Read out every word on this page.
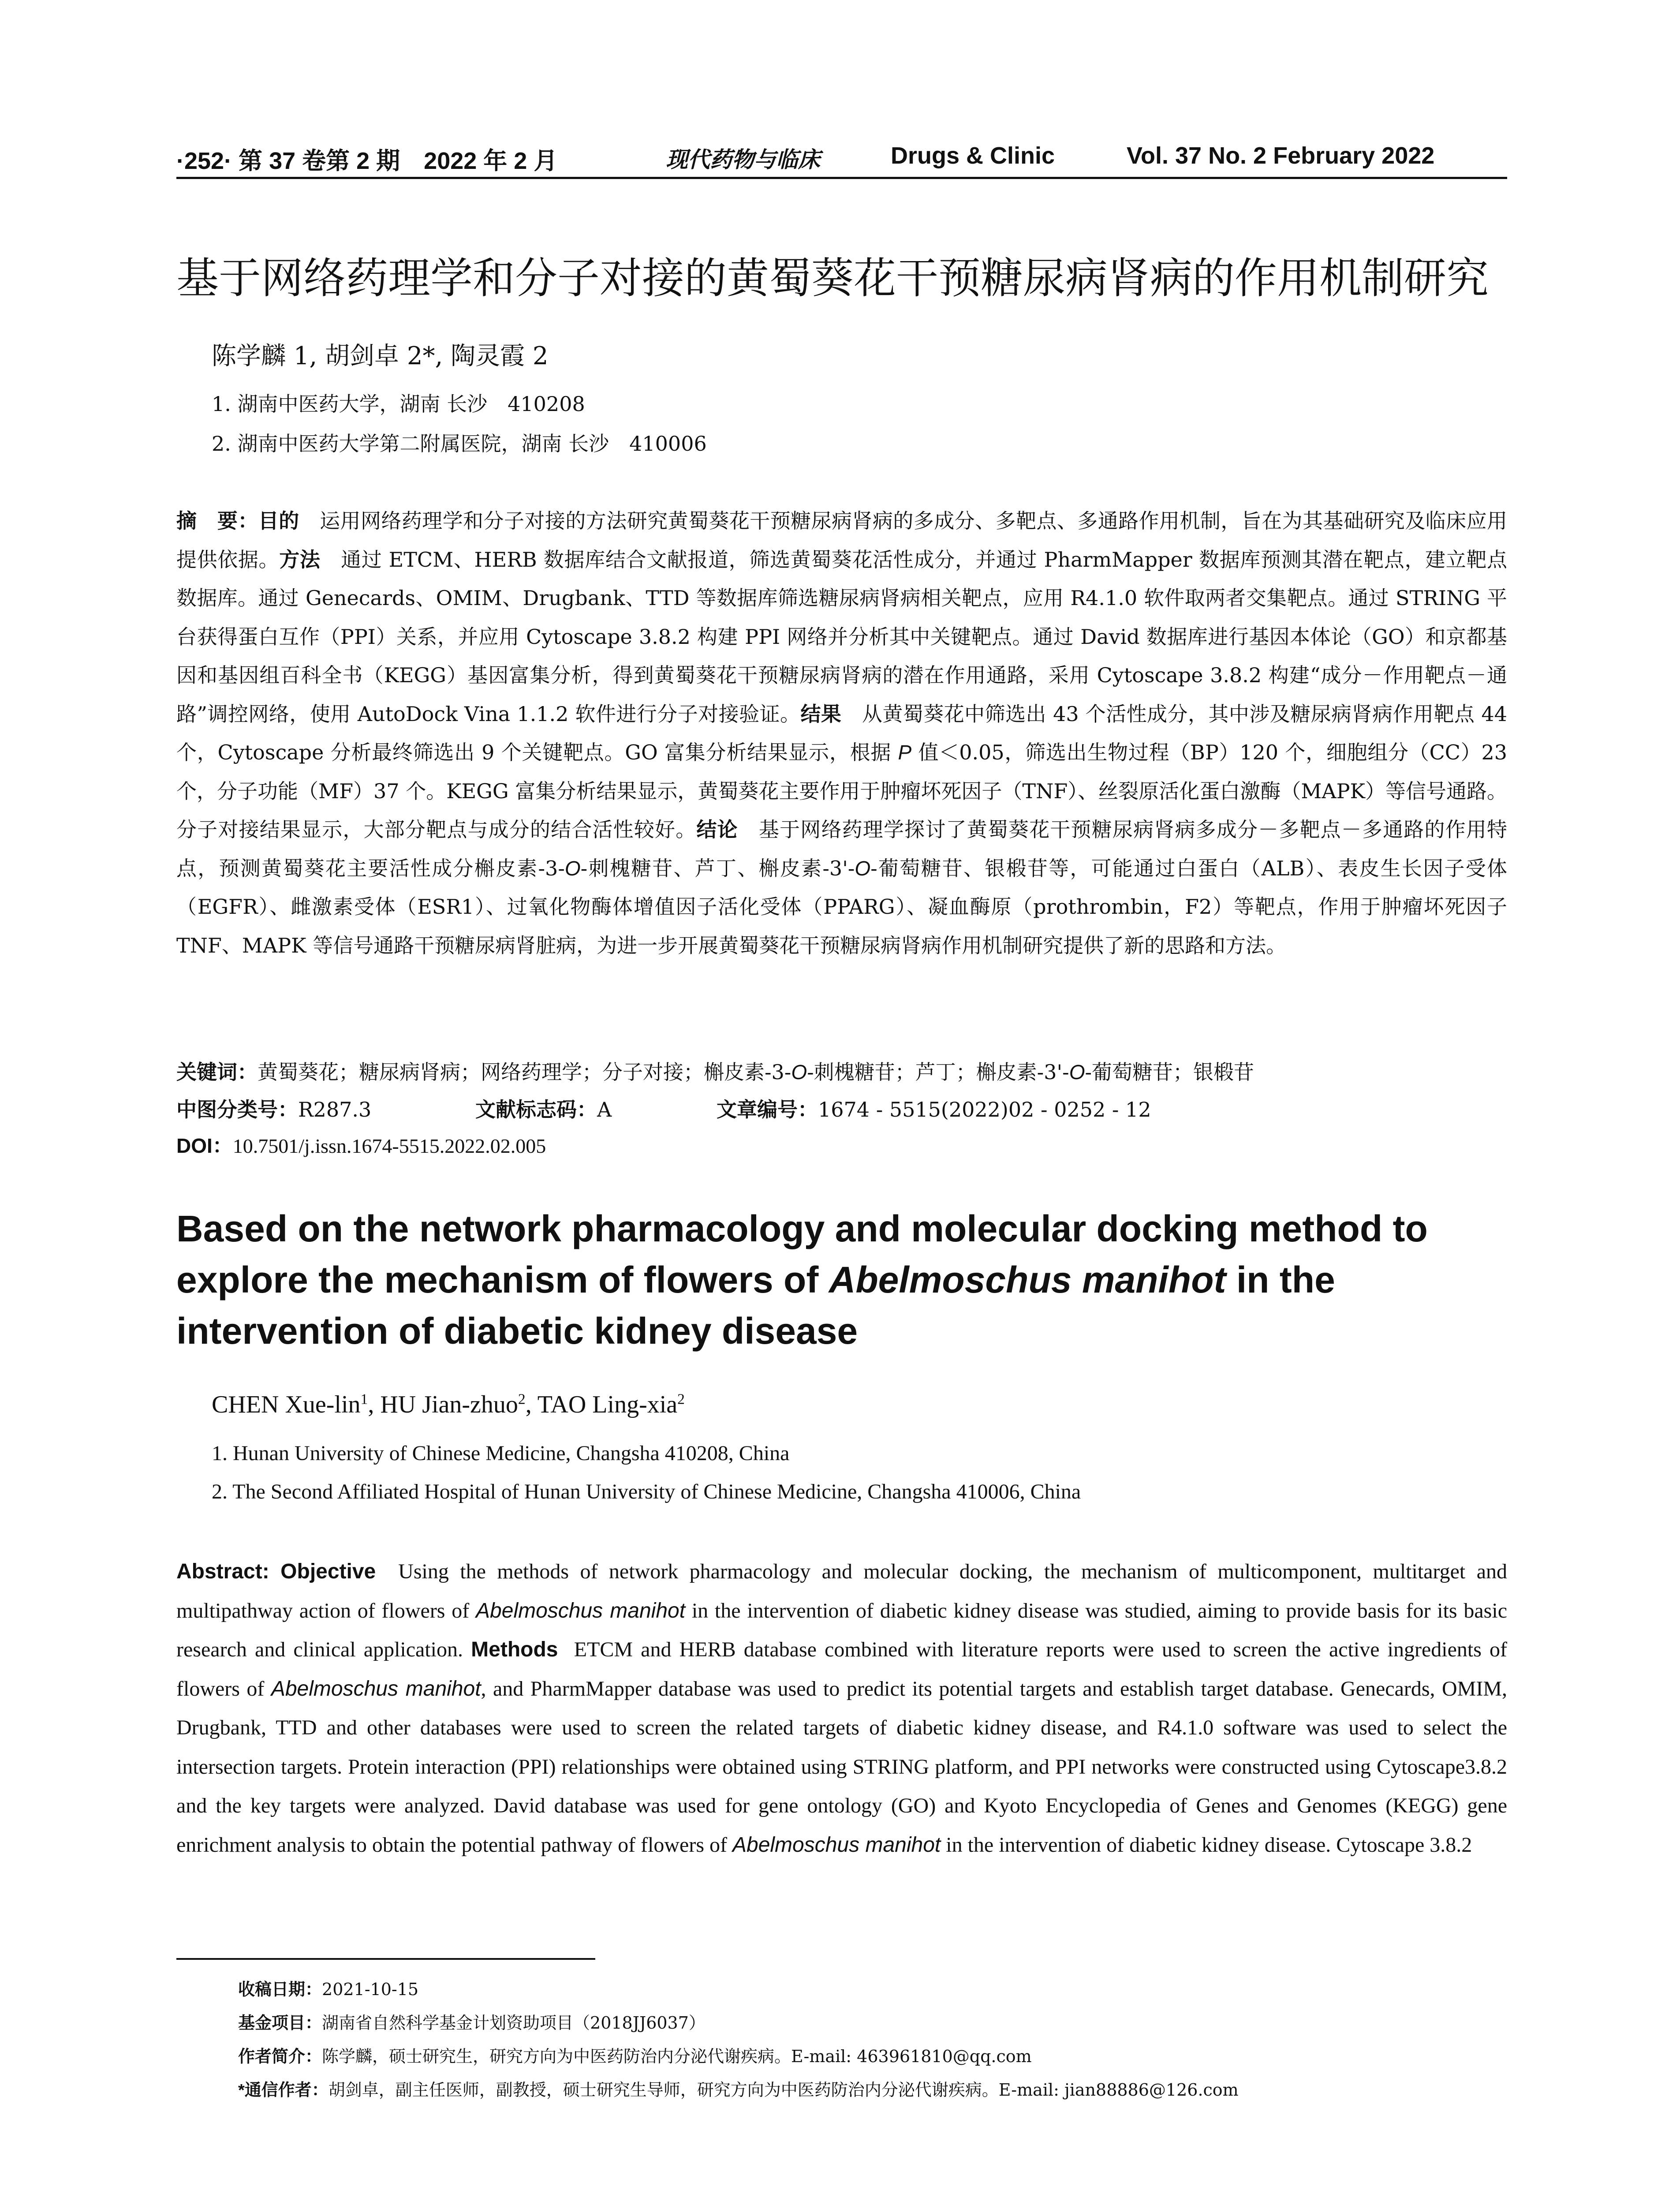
·252· 第 37 卷第 2 期　2022 年 2 月	现代药物与临床	Drugs & Clinic	Vol. 37 No. 2 February 2022
基于网络药理学和分子对接的黄蜀葵花干预糖尿病肾病的作用机制研究
陈学麟 1, 胡剑卓 2*, 陶灵霞 2
1. 湖南中医药大学，湖南 长沙　410208
2. 湖南中医药大学第二附属医院，湖南 长沙　410006

摘　要：目的　 运用网络药理学和分子对接的方法研究黄蜀葵花干预糖尿病肾病的多成分、多靶点、多通路作用机制，旨在为其基础研究及临床应用提供依据。方法　 通过 ETCM、HERB 数据库结合文献报道，筛选黄蜀葵花活性成分，并通过 PharmMapper 数据库预测其潜在靶点，建立靶点数据库。通过 Genecards、OMIM、Drugbank、TTD 等数据库筛选糖尿病肾病相关靶点，应用 R4.1.0 软件取两者交集靶点。通过 STRING 平台获得蛋白互作（PPI）关系，并应用 Cytoscape 3.8.2 构建 PPI 网络并分析其中关键靶点。通过 David 数据库进行基因本体论（GO）和京都基因和基因组百科全书（KEGG）基因富集分析，得到黄蜀葵花干预糖尿病肾病的潜在作用通路，采用 Cytoscape 3.8.2 构建“成分－作用靶点－通路”调控网络，使用 AutoDock Vina 1.1.2 软件进行分子对接验证。结果　 从黄蜀葵花中筛选出 43 个活性成分，其中涉及糖尿病肾病作用靶点 44 个，Cytoscape 分析最终筛选出 9 个关键靶点。GO 富集分析结果显示，根据 P 值＜0.05，筛选出生物过程（BP）120 个，细胞组分（CC）23 个，分子功能（MF）37 个。KEGG 富集分析结果显示，黄蜀葵花主要作用于肿瘤坏死因子（TNF）、丝裂原活化蛋白激酶（MAPK）等信号通路。分子对接结果显示，大部分靶点与成分的结合活性较好。结论　 基于网络药理学探讨了黄蜀葵花干预糖尿病肾病多成分－多靶点－多通路的作用特点，预测黄蜀葵花主要活性成分槲皮素-3-O-刺槐糖苷、芦丁、槲皮素-3'-O-葡萄糖苷、银椴苷等，可能通过白蛋白（ALB）、表皮生长因子受体（EGFR）、雌激素受体（ESR1）、过氧化物酶体增值因子活化受体（PPARG）、凝血酶原（prothrombin，F2）等靶点，作用于肿瘤坏死因子 TNF、MAPK 等信号通路干预糖尿病肾脏病，为进一步开展黄蜀葵花干预糖尿病肾病作用机制研究提供了新的思路和方法。

关键词：黄蜀葵花；糖尿病肾病；网络药理学；分子对接；槲皮素-3-O-刺槐糖苷；芦丁；槲皮素-3'-O-葡萄糖苷；银椴苷
中图分类号：R287.3	文献标志码：A	文章编号：1674 - 5515(2022)02 - 0252 - 12
DOI：10.7501/j.issn.1674-5515.2022.02.005
Based on the network pharmacology and molecular docking method to explore the mechanism of flowers of Abelmoschus manihot in the intervention of diabetic kidney disease
CHEN Xue-lin$^1$, HU Jian-zhuo$^2$, TAO Ling-xia$^2$
1. Hunan University of Chinese Medicine, Changsha 410208, China
2. The Second Affiliated Hospital of Hunan University of Chinese Medicine, Changsha 410006, China

Abstract: Objective Using the methods of network pharmacology and molecular docking, the mechanism of multicomponent, multitarget and multipathway action of flowers of Abelmoschus manihot in the intervention of diabetic kidney disease was studied, aiming to provide basis for its basic research and clinical application. Methods ETCM and HERB database combined with literature reports were used to screen the active ingredients of flowers of Abelmoschus manihot, and PharmMapper database was used to predict its potential targets and establish target database. Genecards, OMIM, Drugbank, TTD and other databases were used to screen the related targets of diabetic kidney disease, and R4.1.0 software was used to select the intersection targets. Protein interaction (PPI) relationships were obtained using STRING platform, and PPI networks were constructed using Cytoscape3.8.2 and the key targets were analyzed. David database was used for gene ontology (GO) and Kyoto Encyclopedia of Genes and Genomes (KEGG) gene enrichment analysis to obtain the potential pathway of flowers of Abelmoschus manihot in the intervention of diabetic kidney disease. Cytoscape 3.8.2

收稿日期：2021-10-15
基金项目：湖南省自然科学基金计划资助项目（2018JJ6037）
作者简介：陈学麟，硕士研究生，研究方向为中医药防治内分泌代谢疾病。E-mail: 463961810@qq.com
*通信作者：胡剑卓，副主任医师，副教授，硕士研究生导师，研究方向为中医药防治内分泌代谢疾病。E-mail: jian88886@126.com
